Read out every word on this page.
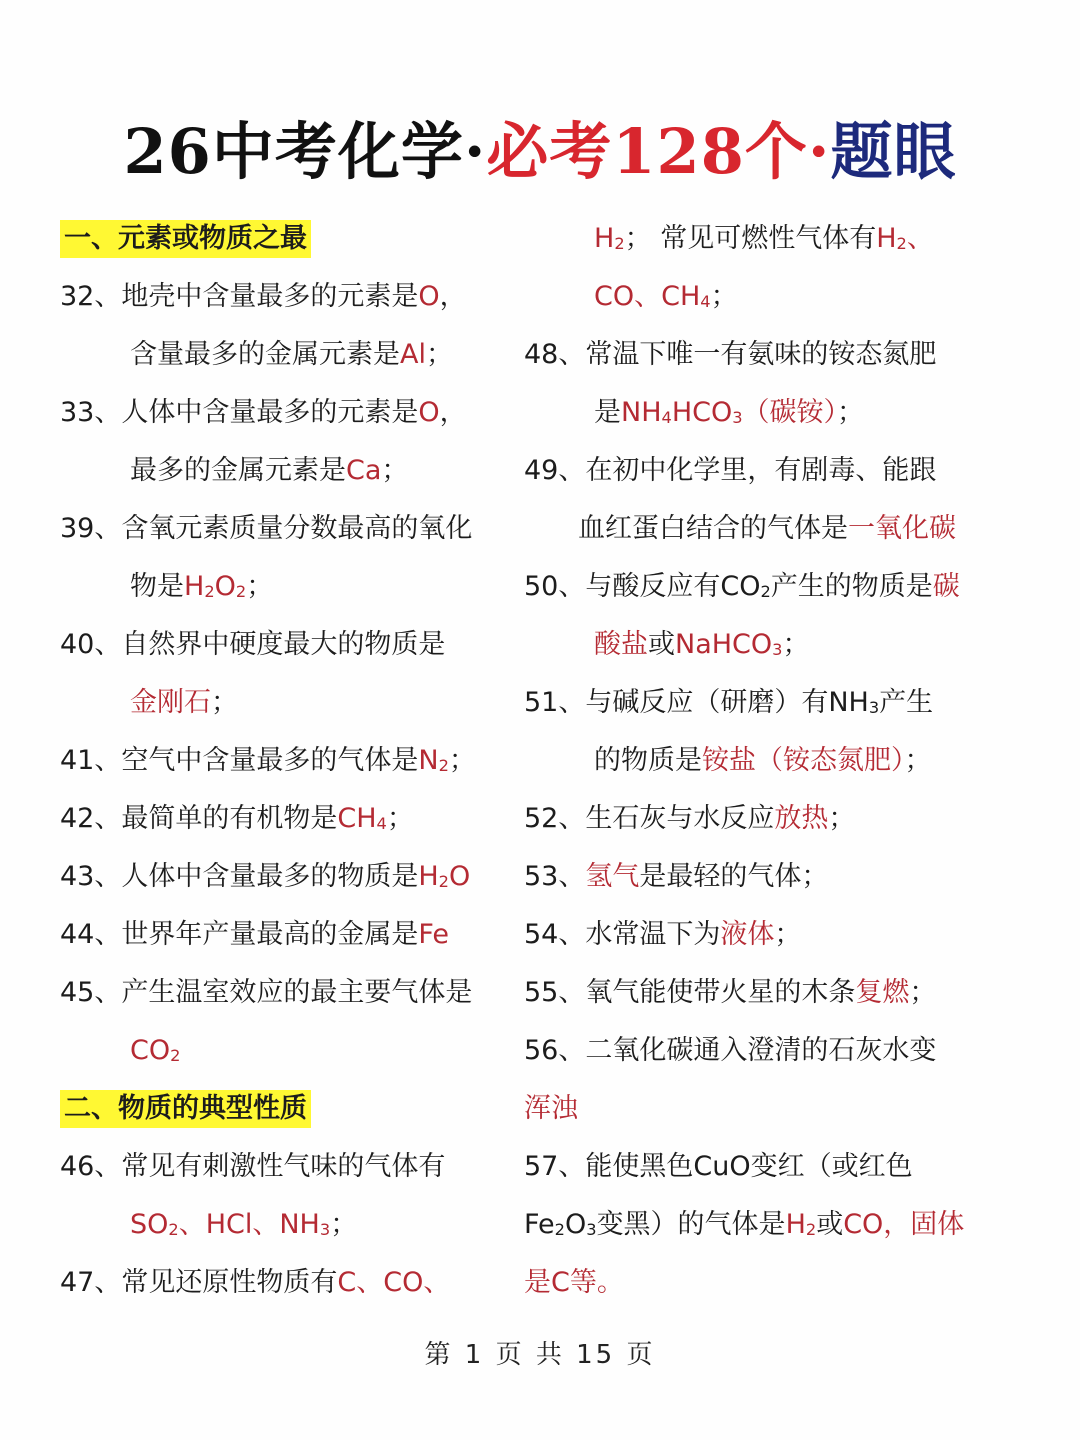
26中考化学·必考128个·题眼
一、元素或物质之最
32、地壳中含量最多的元素是O，
含量最多的金属元素是Al；
33、人体中含量最多的元素是O，
最多的金属元素是Ca；
39、含氧元素质量分数最高的氧化
物是$H_2O_2$；
40、自然界中硬度最大的物质是
金刚石；
41、空气中含量最多的气体是$N_2$；
42、最简单的有机物是$CH_4$；
43、人体中含量最多的物质是$H_2O$
44、世界年产量最高的金属是Fe
45、产生温室效应的最主要气体是
$CO_2$
二、物质的典型性质
46、常见有刺激性气味的气体有
$SO_2$、HCl、$NH_3$；
47、常见还原性物质有C、CO、
$H_2$； 常见可燃性气体有$H_2$、
CO、$CH_4$；
48、常温下唯一有氨味的铵态氮肥
是$NH_4HCO_3$（碳铵）；
49、在初中化学里，有剧毒、能跟
血红蛋白结合的气体是一氧化碳
50、与酸反应有$CO_2$产生的物质是碳
酸盐或NaHCO$_3$；
51、与碱反应（研磨）有$NH_3$产生
的物质是铵盐（铵态氮肥）；
52、生石灰与水反应放热；
53、氢气是最轻的气体；
54、水常温下为液体；
55、氧气能使带火星的木条复燃；
56、二氧化碳通入澄清的石灰水变
浑浊
57、能使黑色CuO变红（或红色
$Fe_2O_3$变黑）的气体是$H_2$或CO，固体
是C等。
第 1 页 共 15 页
